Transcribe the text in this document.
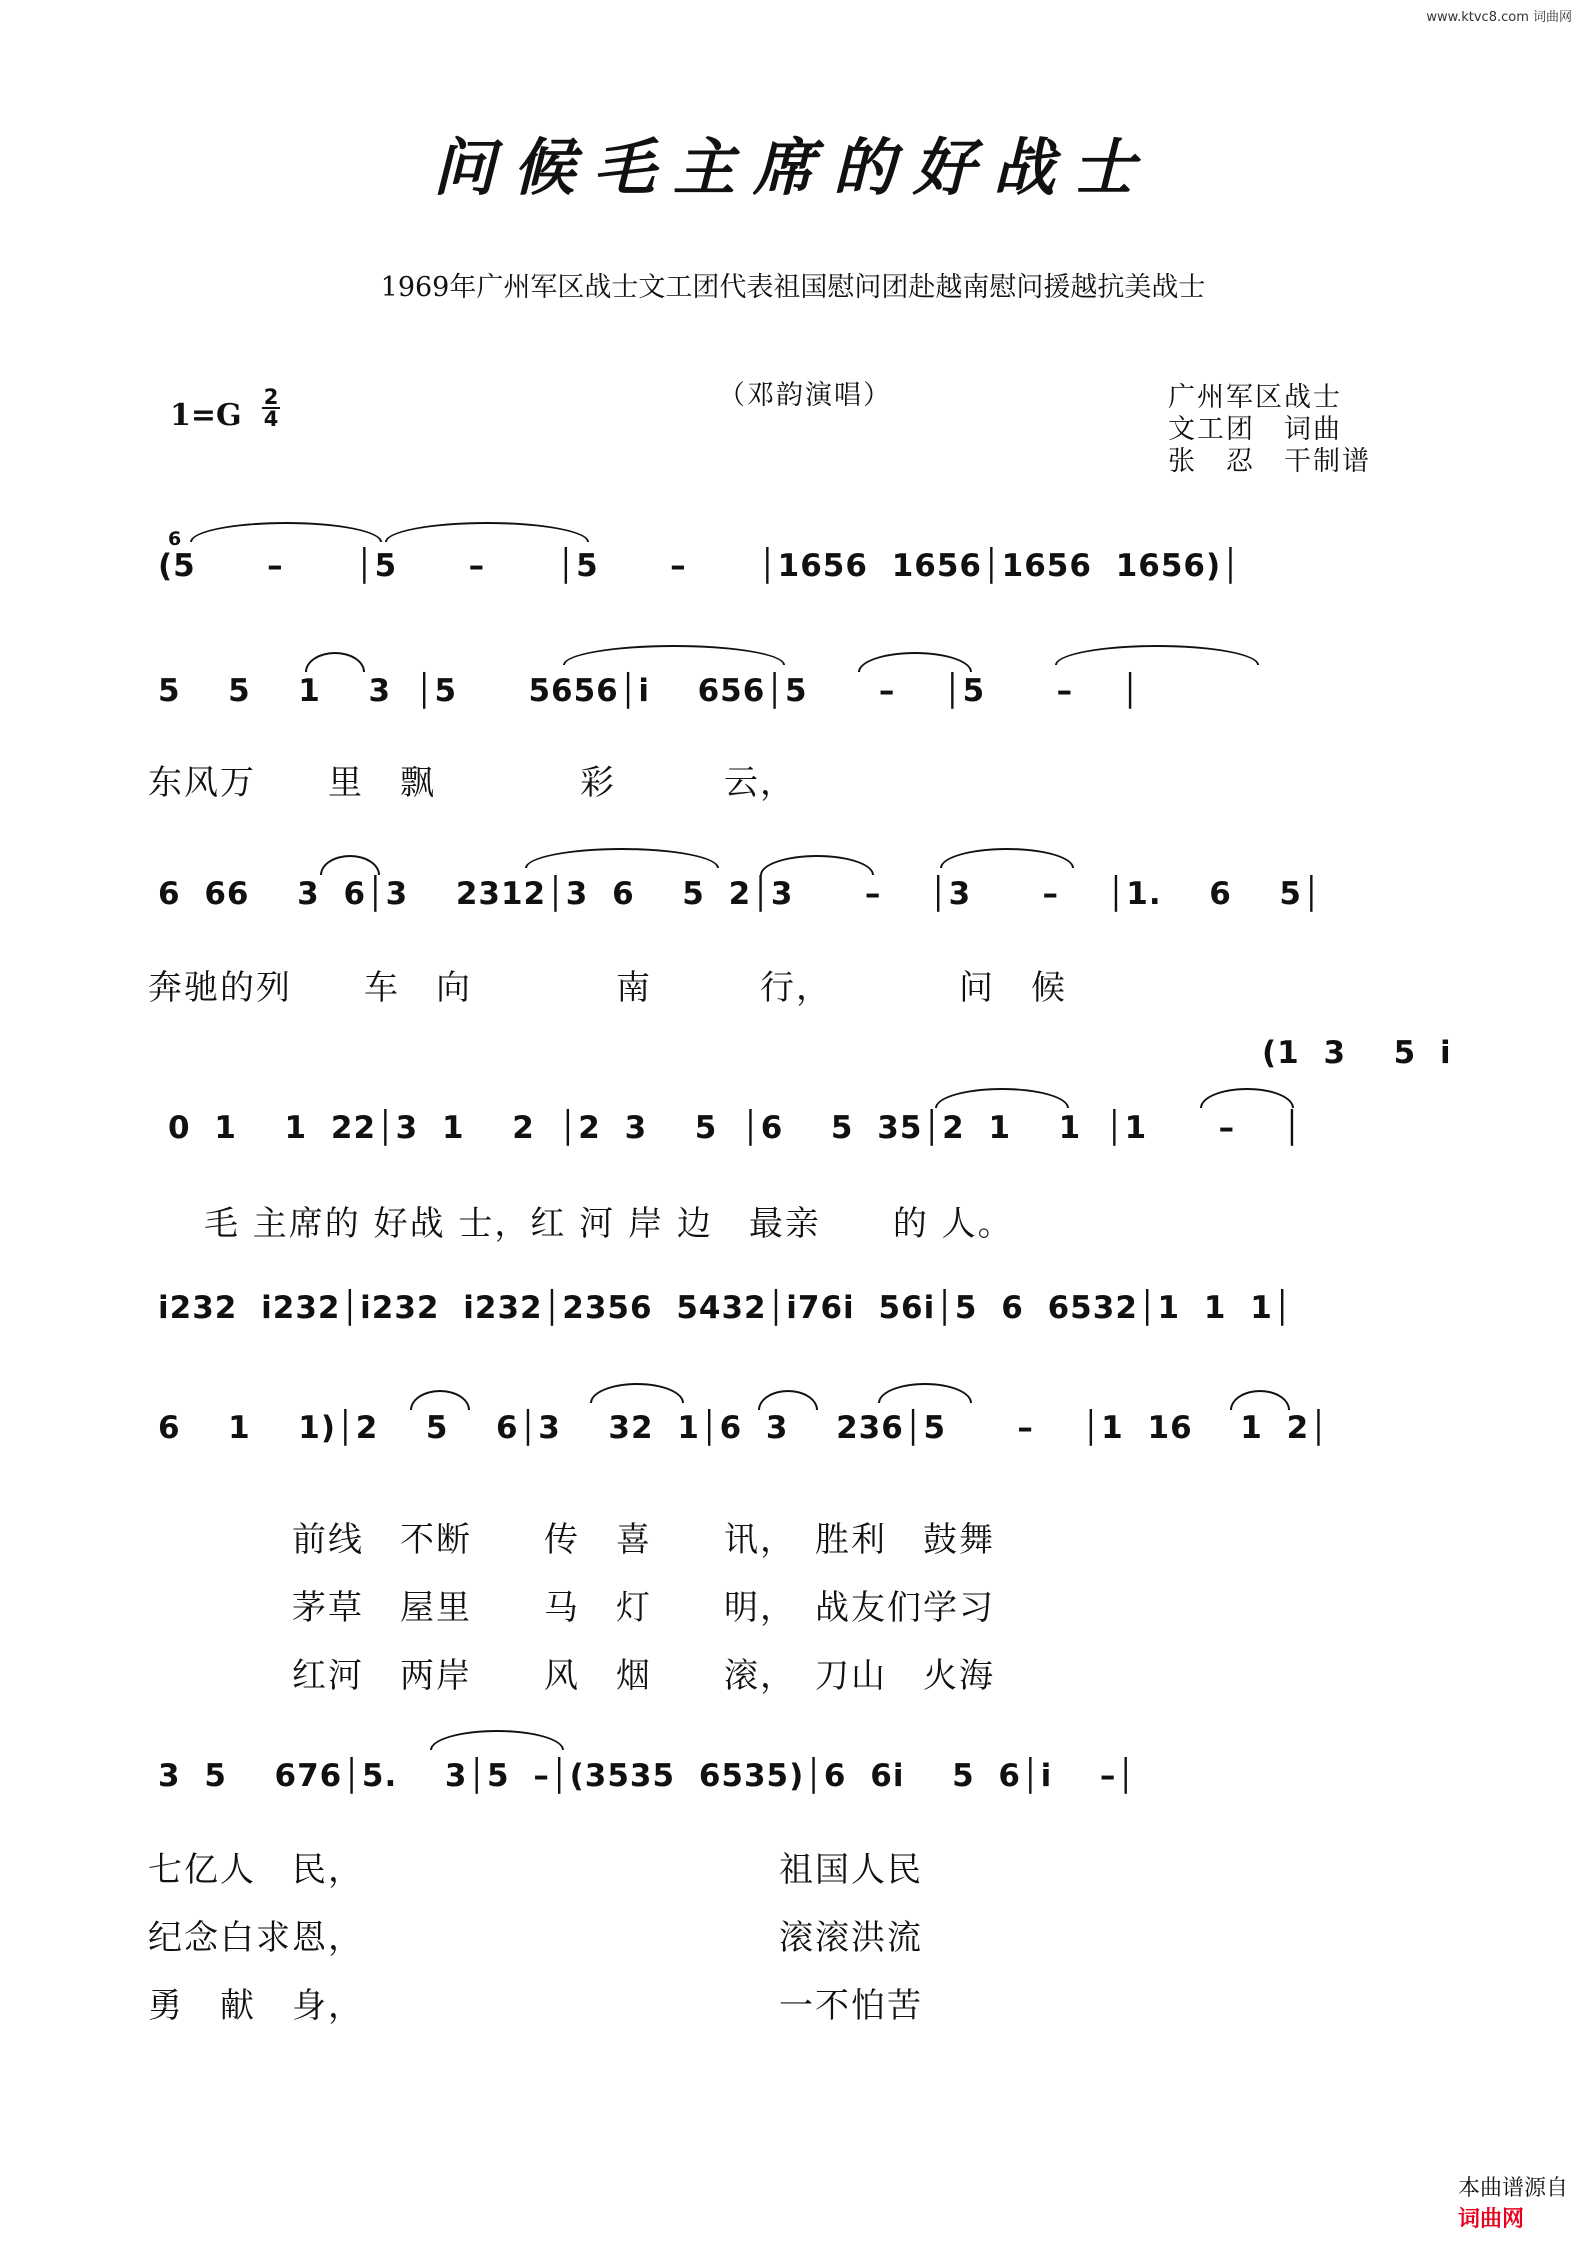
www.ktvc8.com 词曲网
问候毛主席的好战士
1969年广州军区战士文工团代表祖国慰问团赴越南慰问援越抗美战士
1=G
2
4
（邓韵演唱）	广州军区战士
文工团　词曲
张　忍　干制谱
6
(5   –   │5   –   │5   –   │1656 1656│1656 1656)│
5  5  1  3 │5   5656│i  656│5   –  │5   –  │
东风万　　里　飘　　　　彩　　　云，
6 66  3 6│3  2312│3 6  5 2│3   –  │3   –  │1.  6  5│
奔驰的列　　车　向　　　　南　　　行，　　　　问　候
(1 3  5 i
0 1  1 22│3 1  2 │2 3  5 │6  5 35│2 1  1 │1   –  │
　毛 主席的 好战 士，红 河 岸 边　最亲　　的 人。
i232 i232│i232 i232│2356 5432│i76i 56i│5 6 6532│1 1 1│
6  1  1)│2  5  6│3  32 1│6 3  236│5   –  │1 16  1 2│
　　　　前线　不断　　传　喜　　讯，　胜利　鼓舞
　　　　茅草　屋里　　马　灯　　明，　战友们学习
　　　　红河　两岸　　风　烟　　滚，　刀山　火海
3 5  676│5.  3│5 –│(3535 6535)│6 6i  5 6│i  –│
七亿人　民，　　　　　　　　　　　　祖国人民
纪念白求恩，　　　　　　　　　　　　滚滚洪流
勇　献　身，　　　　　　　　　　　　一不怕苦

本曲谱源自
词曲网
